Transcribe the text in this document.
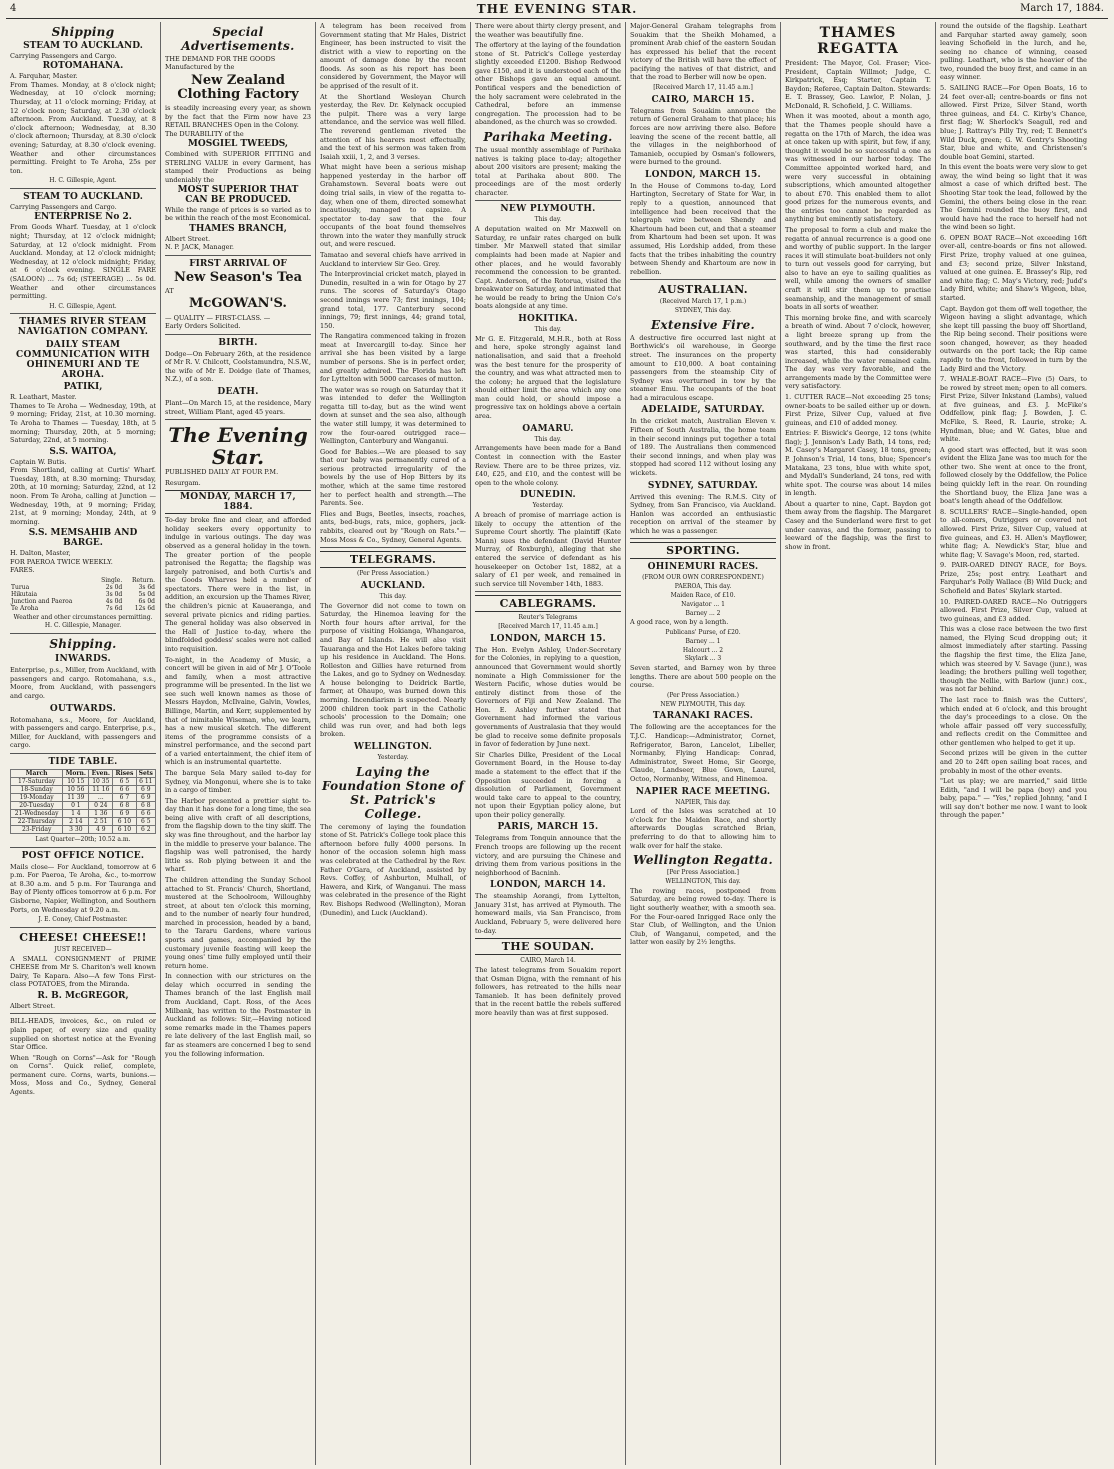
4	THE EVENING STAR.	March 17, 1884.
Shipping
STEAM TO AUCKLAND.

Carrying Passengers and Cargo.

ROTOMAHANA.

A. Farquhar, Master.

From Thames. Monday, at 8 o'clock night; Wednesday, at 10 o'clock morning; Thursday, at 11 o'clock morning; Friday, at 12 o'clock noon; Saturday, at 2.30 o'clock afternoon. From Auckland. Tuesday, at 8 o'clock afternoon; Wednesday, at 8.30 o'clock afternoon; Thursday, at 8.30 o'clock evening; Saturday, at 8.30 o'clock evening. Weather and other circumstances permitting. Freight to Te Aroha, 25s per ton.

H. C. Gillespie, Agent.

STEAM TO AUCKLAND.

Carrying Passengers and Cargo.

ENTERPRISE No 2.

From Goods Wharf. Tuesday, at 1 o'clock night; Thursday, at 12 o'clock midnight; Saturday, at 12 o'clock midnight. From Auckland. Monday, at 12 o'clock midnight; Wednesday, at 12 o'clock midnight; Friday, at 6 o'clock evening. SINGLE FARE (SALOON) ... 7s 6d; (STEERAGE) ... 5s 0d. Weather and other circumstances permitting.

H. C. Gillespie, Agent.

THAMES RIVER STEAM NAVIGATION COMPANY.
DAILY STEAM COMMUNICATION WITH OHINEMURI AND TE AROHA.
PATIKI,

R. Leathart, Master.

Thames to Te Aroha — Wednesday, 19th, at 9 morning; Friday, 21st, at 10.30 morning. Te Aroha to Thames — Tuesday, 18th, at 5 morning; Thursday, 20th, at 5 morning; Saturday, 22nd, at 5 morning.

S.S. WAITOA,

Captain W. Butis.

From Shortland, calling at Curtis' Wharf. Tuesday, 18th, at 8.30 morning; Thursday, 20th, at 10 morning; Saturday, 22nd, at 12 noon. From Te Aroha, calling at Junction — Wednesday, 19th, at 9 morning; Friday, 21st, at 9 morning; Monday, 24th, at 9 morning.

S.S. MEMSAHIB AND BARGE.

H. Dalton, Master,

FOR PAEROA TWICE WEEKLY.

FARES.

	Single.	Return.
Turua	2s 0d	3s 6d
Hikutaia	3s 0d	5s 0d
Junction and Paeroa	4s 0d	6s 0d
Te Aroha	7s 6d	12s 6d

Weather and other circumstances permitting.

H. C. Gillespie, Manager.

Shipping.
INWARDS.

Enterprise, p.s., Miller, from Auckland, with passengers and cargo. Rotomahana, s.s., Moore, from Auckland, with passengers and cargo.

OUTWARDS.

Rotomahana, s.s., Moore, for Auckland, with passengers and cargo. Enterprise, p.s., Miller, for Auckland, with passengers and cargo.

TIDE TABLE.
March	Morn.	Even.	Rises	Sets
17-Saturday	10 15	10 35	6 5	6 11
18-Sunday	10 56	11 16	6 6	6 9
19-Monday	11 39	...	6 7	6 9
20-Tuesday	0 1	0 24	6 8	6 8
21-Wednesday	1 4	1 36	6 9	6 6
22-Thursday	2 14	2 51	6 10	6 5
23-Friday	3 30	4 9	6 10	6 2

Last Quarter—20th; 10.52 a.m.

POST OFFICE NOTICE.

Mails close— For Auckland, tomorrow at 6 p.m. For Paeroa, Te Aroha, &c., to-morrow at 8.30 a.m. and 5 p.m. For Tauranga and Bay of Plenty offices tomorrow at 6 p.m. For Gisborne, Napier, Wellington, and Southern Ports, on Wednesday at 9.20 a.m.

J. E. Coney, Chief Postmaster.

CHEESE! CHEESE!!

JUST RECEIVED—

A SMALL CONSIGNMENT of PRIME CHEESE from Mr S. Chariton's well known Dairy, Te Kapara. Also—A few Tons First-class POTATOES, from the Miranda.

R. B. McGREGOR,

Albert Street.

BILL-HEADS, invoices, &c., on ruled or plain paper, of every size and quality supplied on shortest notice at the Evening Star Office.

When "Rough on Corns"—Ask for "Rough on Corns". Quick relief, complete, permanent cure. Corns, warts, bunions.—Moss, Moss and Co., Sydney, General Agents.

Special Advertisements.

THE DEMAND FOR THE GOODS

Manufactured by the

New Zealand Clothing Factory

is steadily increasing every year, as shown by the fact that the Firm now have 23 RETAIL BRANCHES Open in the Colony.

The DURABILITY of the

MOSGIEL TWEEDS,

Combined with SUPERIOR FITTING and STERLING VALUE in every Garment, has stamped their Productions as being undeniably the

MOST SUPERIOR THAT CAN BE PRODUCED.

While the range of prices is so varied as to be within the reach of the most Economical.

THAMES BRANCH,

Albert Street.

N. P. JACK, Manager.

FIRST ARRIVAL OF
New Season's Tea

AT

McGOWAN'S.

— QUALITY — FIRST-CLASS. —

Early Orders Solicited.

BIRTH.

Dodge—On February 26th, at the residence of Mr R. V. Chilcott, Coolstamundra, N.S.W., the wife of Mr E. Doidge (late of Thames, N.Z.), of a son.

DEATH.

Plant—On March 15, at the residence, Mary street, William Plant, aged 45 years.

The Evening Star.

PUBLISHED DAILY AT FOUR P.M.

Resurgam.

MONDAY, MARCH 17, 1884.

To-day broke fine and clear, and afforded holiday seekers every opportunity to indulge in various outings. The day was observed as a general holiday in the town. The greater portion of the people patronised the Regatta; the flagship was largely patronised, and both Curtis's and the Goods Wharves held a number of spectators. There were in the list, in addition, an excursion up the Thames River, the children's picnic at Kauaeranga, and several private picnics and riding parties. The general holiday was also observed in the Hall of Justice to-day, where the blindfolded goddess' scales were not called into requisition.

To-night, in the Academy of Music, a concert will be given in aid of Mr J. O'Toole and family, when a most attractive programme will be presented. In the list we see such well known names as those of Messrs Haydon, McIlvaine, Galvin, Vowles, Billinge, Martin, and Kerr, supplemented by that of inimitable Wiseman, who, we learn, has a new musical sketch. The different items of the programme consists of a minstrel performance, and the second part of a varied entertainment, the chief item of which is an instrumental quartette.

The barque Sela Mary sailed to-day for Sydney, via Mongonui, where she is to take in a cargo of timber.

The Harbor presented a prettier sight to-day than it has done for a long time, the sea being alive with craft of all descriptions, from the flagship down to the tiny skiff. The sky was fine throughout, and the harbor lay in the middle to preserve your balance. The flagship was well patronised, the hardy little ss. Rob plying between it and the wharf.

The children attending the Sunday School attached to St. Francis' Church, Shortland, mustered at the Schoolroom, Willoughby street, at about ten o'clock this morning, and to the number of nearly four hundred, marched in procession, headed by a band, to the Tararu Gardens, where various sports and games, accompanied by the customary juvenile feasting will keep the young ones' time fully employed until their return home.

In connection with our strictures on the delay which occurred in sending the Thames branch of the last English mail from Auckland, Capt. Ross, of the Aces Milbank, has written to the Postmaster in Auckland as follows: Sir,—Having noticed some remarks made in the Thames papers re late delivery of the last English mail, so far as steamers are concerned I beg to send you the following information.

A telegram has been received from Government stating that Mr Hales, District Engineer, has been instructed to visit the district with a view to reporting on the amount of damage done by the recent floods. As soon as his report has been considered by Government, the Mayor will be apprised of the result of it.

At the Shortland Wesleyan Church yesterday, the Rev. Dr. Kelynack occupied the pulpit. There was a very large attendance, and the service was well filled. The reverend gentleman riveted the attention of his hearers most effectually, and the text of his sermon was taken from Isaiah xxiii, 1, 2, and 3 verses.

What might have been a serious mishap happened yesterday in the harbor off Grahamstown. Several boats were out doing trial sails, in view of the regatta to-day, when one of them, directed somewhat incautiously, managed to capsize. A spectator to-day saw that the four occupants of the boat found themselves thrown into the water they manfully struck out, and were rescued.

Tamatao and several chiefs have arrived in Auckland to interview Sir Geo. Grey.

The Interprovincial cricket match, played in Dunedin, resulted in a win for Otago by 27 runs. The scores of Saturday's Otago second innings were 73; first innings, 104; grand total, 177. Canterbury second innings, 79; first innings, 44; grand total, 150.

The Rangatira commenced taking in frozen meat at Invercargill to-day. Since her arrival she has been visited by a large number of persons. She is in perfect order, and greatly admired. The Florida has left for Lyttelton with 5000 carcases of mutton.

The water was so rough on Saturday that it was intended to defer the Wellington regatta till to-day, but as the wind went down at sunset and the sea also, although the water still lumpy, it was determined to row the four-oared outrigged race—Wellington, Canterbury and Wanganui.

Good for Babies.—We are pleased to say that our baby was permanently cured of a serious protracted irregularity of the bowels by the use of Hop Bitters by its mother, which at the same time restored her to perfect health and strength.—The Parents. See.

Flies and Bugs, Beetles, insects, roaches, ants, bed-bugs, rats, mice, gophers, jack-rabbits, cleared out by "Rough on Rats."—Moss Moss & Co., Sydney, General Agents.

TELEGRAMS.

(Per Press Association.)

AUCKLAND.

This day.

The Governor did not come to town on Saturday, the Hinemoa leaving for the North four hours after arrival, for the purpose of visiting Hokianga, Whangaroa, and Bay of Islands. He will also visit Tauaranga and the Hot Lakes before taking up his residence in Auckland. The Hons. Rolleston and Gillies have returned from the Lakes, and go to Sydney on Wednesday. A house belonging to Deidrick Bartle, farmer, at Ohaupo, was burned down this morning. Incendiarism is suspected. Nearly 2000 children took part in the Catholic schools' procession to the Domain; one child was run over, and had both legs broken.

WELLINGTON.

Yesterday.

Laying the Foundation Stone of St. Patrick's College.

The ceremony of laying the foundation stone of St. Patrick's College took place this afternoon before fully 4000 persons. In honor of the occasion solemn high mass was celebrated at the Cathedral by the Rev. Father O'Gara, of Auckland, assisted by Revs. Coffey, of Ashburton, Mulhall, of Hawera, and Kirk, of Wanganui. The mass was celebrated in the presence of the Right Rev. Bishops Redwood (Wellington), Moran (Dunedin), and Luck (Auckland).

There were about thirty clergy present, and the weather was beautifully fine.

The offertory at the laying of the foundation stone of St. Patrick's College yesterday slightly exceeded £1200. Bishop Redwood gave £150, and it is understood each of the other Bishops gave an equal amount. Pontifical vespers and the benediction of the holy sacrament were celebrated in the Cathedral, before an immense congregation. The procession had to be abandoned, as the church was so crowded.

Parihaka Meeting.

The usual monthly assemblage of Parihaka natives is taking place to-day; altogether about 200 visitors are present; making the total at Parihaka about 800. The proceedings are of the most orderly character.

NEW PLYMOUTH.

This day.

A deputation waited on Mr Maxwell on Saturday, re unfair rates charged on bulk timber. Mr Maxwell stated that similar complaints had been made at Napier and other places, and he would favorably recommend the concession to be granted. Capt. Anderson, of the Rotorua, visited the breakwater on Saturday, and intimated that he would be ready to bring the Union Co's boats alongside at any time.

HOKITIKA.

This day.

Mr G. E. Fitzgerald, M.H.R., both at Ross and here, spoke strongly against land nationalisation, and said that a freehold was the best tenure for the prosperity of the country, and was what attracted men to the colony; he argued that the legislature should either limit the area which any one man could hold, or should impose a progressive tax on holdings above a certain area.

OAMARU.

This day.

Arrangements have been made for a Band Contest in connection with the Easter Review. There are to be three prizes, viz. £40, £25, and £10, and the contest will be open to the whole colony.

DUNEDIN.

Yesterday.

A breach of promise of marriage action is likely to occupy the attention of the Supreme Court shortly. The plaintiff (Kate Mann) sues the defendant (David Hunter Murray, of Roxburgh), alleging that she entered the service of defendant as his housekeeper on October 1st, 1882, at a salary of £1 per week, and remained in such service till November 14th, 1883.

CABLEGRAMS.

Reuter's Telegrams

[Received March 17, 11.45 a.m.]

LONDON, MARCH 15.

The Hon. Evelyn Ashley, Under-Secretary for the Colonies, in replying to a question, announced that Government would shortly nominate a High Commissioner for the Western Pacific, whose duties would be entirely distinct from those of the Governors of Fiji and New Zealand. The Hon. E. Ashley further stated that Government had informed the various governments of Australasia that they would be glad to receive some definite proposals in favor of federation by June next.

Sir Charles Dilke, President of the Local Government Board, in the House to-day made a statement to the effect that if the Opposition succeeded in forcing a dissolution of Parliament, Government would take care to appeal to the country, not upon their Egyptian policy alone, but upon their policy generally.

PARIS, MARCH 15.

Telegrams from Tonquin announce that the French troops are following up the recent victory, and are pursuing the Chinese and driving them from various positions in the neighborhood of Bacninh.

LONDON, MARCH 14.

The steamship Aorangi, from Lyttelton, January 31st, has arrived at Plymouth. The homeward mails, via San Francisco, from Auckland, February 5, were delivered here to-day.

THE SOUDAN.

CAIRO, March 14.

The latest telegrams from Souakim report that Osman Digna, with the remnant of his followers, has retreated to the hills near Tamanieb. It has been definitely proved that in the recent battle the rebels suffered more heavily than was at first supposed.

Major-General Graham telegraphs from Souakim that the Sheikh Mohamed, a prominent Arab chief of the eastern Soudan has expressed his belief that the recent victory of the British will have the effect of pacifying the natives of that district, and that the road to Berber will now be open.

[Received March 17, 11.45 a.m.]

CAIRO, MARCH 15.

Telegrams from Souakim announce the return of General Graham to that place; his forces are now arriving there also. Before leaving the scene of the recent battle, all the villages in the neighborhood of Tamanieb, occupied by Osman's followers, were burned to the ground.

LONDON, MARCH 15.

In the House of Commons to-day, Lord Hartington, Secretary of State for War, in reply to a question, announced that intelligence had been received that the telegraph wire between Shendy and Khartoum had been cut, and that a steamer from Khartoum had been set upon. It was assumed, His Lordship added, from these facts that the tribes inhabiting the country between Shendy and Khartoum are now in rebellion.

AUSTRALIAN.

(Received March 17, 1 p.m.)

SYDNEY, This day.

Extensive Fire.

A destructive fire occurred last night at Borthwick's oil warehouse, in George street. The insurances on the property amount to £10,000. A boat containing passengers from the steamship City of Sydney was overturned in tow by the steamer Emu. The occupants of the boat had a miraculous escape.

ADELAIDE, SATURDAY.

In the cricket match, Australian Eleven v. Fifteen of South Australia, the home team in their second innings put together a total of 189. The Australians then commenced their second innings, and when play was stopped had scored 112 without losing any wickets.

SYDNEY, SATURDAY.

Arrived this evening: The R.M.S. City of Sydney, from San Francisco, via Auckland. Hanlon was accorded an enthusiastic reception on arrival of the steamer by which he was a passenger.

SPORTING.
OHINEMURI RACES.

(FROM OUR OWN CORRESPONDENT.)

PAEROA, This day.

Maiden Race, of £10.

Navigator ... 1

Barney ... 2

A good race, won by a length.

Publicans' Purse, of £20.

Barney ... 1

Halcourt ... 2

Skylark ... 3

Seven started, and Barney won by three lengths. There are about 500 people on the course.

(Per Press Association.)

NEW PLYMOUTH, This day.

TARANAKI RACES.

The following are the acceptances for the T.J.C. Handicap:—Administrator, Cornet, Refrigerator, Baron, Lancelot, Libeller, Normanby, Flying Handicap: Conrad, Administrator, Sweet Home, Sir George, Claude, Landseer, Blue Gown, Laurel, Octoo, Normanby, Witness, and Hinemoa.

NAPIER RACE MEETING.

NAPIER, This day.

Lord of the Isles was scratched at 10 o'clock for the Maiden Race, and shortly afterwards Douglas scratched Brian, preferring to do that to allowing him to walk over for half the stake.

Wellington Regatta.

[Per Press Association.]

WELLINGTON, This day.

The rowing races, postponed from Saturday, are being rowed to-day. There is light southerly weather, with a smooth sea. For the Four-oared Inrigged Race only the Star Club, of Wellington, and the Union Club, of Wanganui, competed, and the latter won easily by 2½ lengths.

THAMES REGATTA

President: The Mayor, Col. Fraser; Vice-President, Captain Willmot; Judge, C. Kirkpatrick, Esq; Starter, Captain T. Baydon; Referee, Captain Dalton. Stewards: E. T. Brassey, Geo. Lawlor, P. Nolan, J. McDonald, R. Schofield, J. C. Williams.

When it was mooted, about a month ago, that the Thames people should have a regatta on the 17th of March, the idea was at once taken up with spirit, but few, if any, thought it would be so successful a one as was witnessed in our harbor today. The Committee appointed worked hard, and were very successful in obtaining subscriptions, which amounted altogether to about £70. This enabled them to allot good prizes for the numerous events, and the entries too cannot be regarded as anything but eminently satisfactory.

The proposal to form a club and make the regatta of annual recurrence is a good one and worthy of public support. In the larger races it will stimulate boat-builders not only to turn out vessels good for carrying, but also to have an eye to sailing qualities as well, while among the owners of smaller craft it will stir them up to practise seamanship, and the management of small boats in all sorts of weather.

This morning broke fine, and with scarcely a breath of wind. About 7 o'clock, however, a light breeze sprang up from the southward, and by the time the first race was started, this had considerably increased, while the water remained calm. The day was very favorable, and the arrangements made by the Committee were very satisfactory.

1. CUTTER RACE—Not exceeding 25 tons; owner-boats to be sailed either up or down. First Prize, Silver Cup, valued at five guineas, and £10 of added money.

Entries: F. Biswick's George, 12 tons (white flag); J. Jennison's Lady Bath, 14 tons, red; M. Casey's Margaret Casey, 18 tons, green; P. Johnson's Trial, 14 tons, blue; Spencer's Matakana, 23 tons, blue with white spot, and Mydall's Sunderland, 24 tons, red with white spot. The course was about 14 miles in length.

About a quarter to nine, Capt. Baydon got them away from the flagship. The Margaret Casey and the Sunderland were first to get under canvas, and the former, passing to leeward of the flagship, was the first to show in front.

round the outside of the flagship. Leathart and Farquhar started away gamely, soon leaving Schofield in the lurch, and he, seeing no chance of winning, ceased pulling. Leathart, who is the heavier of the two, rounded the buoy first, and came in an easy winner.

5. SAILING RACE—For Open Boats, 16 to 24 feet over-all; centre-boards or fins not allowed. First Prize, Silver Stand, worth three guineas, and £4. C. Kirby's Chance, first flag; W. Sherlock's Seagull, red and blue; J. Rattray's Pilly Try, red; T. Bennett's Wild Duck, green; G. W. Gentry's Shooting Star, blue and white, and Christensen's double boat Gemini, started.

In this event the boats were very slow to get away, the wind being so light that it was almost a case of which drifted best. The Shooting Star took the lead, followed by the Gemini, the others being close in the rear. The Gemini rounded the buoy first, and would have had the race to herself had not the wind been so light.

6. OPEN BOAT RACE—Not exceeding 16ft over-all, centre-boards or fins not allowed. First Prize, trophy valued at one guinea, and £3; second prize, Silver Inkstand, valued at one guinea. E. Brassey's Rip, red and white flag; C. May's Victory, red; Judd's Lady Bird, white; and Shaw's Wigeon, blue, started.

Capt. Baydon got them off well together, the Wigeon having a slight advantage, which she kept till passing the buoy off Shortland, the Rip being second. Their positions were soon changed, however, as they headed outwards on the port tack; the Rip came rapidly to the front, followed in turn by the Lady Bird and the Victory.

7. WHALE-BOAT RACE—Five (5) Oars, to be rowed by street men; open to all comers. First Prize, Silver Inkstand (Lambs), valued at five guineas, and £3. J. McFike's Oddfellow, pink flag; J. Bowden, J. C. McFike, S. Reed, R. Laurie, stroke; A. Hyndman, blue; and W. Gates, blue and white.

A good start was effected, but it was soon evident the Eliza Jane was too much for the other two. She went at once to the front, followed closely by the Oddfellow, the Police being quickly left in the rear. On rounding the Shortland buoy, the Eliza Jane was a boat's length ahead of the Oddfellow.

8. SCULLERS' RACE—Single-handed, open to all-comers, Outriggers or covered not allowed. First Prize, Silver Cup, valued at five guineas, and £3. H. Allen's Mayflower, white flag; A. Newdick's Star, blue and white flag; V. Savage's Moon, red, started.

9. PAIR-OARED DINGY RACE, for Boys. Prize, 25s; post entry. Leathart and Farquhar's Polly Wallace (B) Wild Duck; and Schofield and Bates' Skylark started.

10. PAIRED-OARED RACE—No Outriggers allowed. First Prize, Silver Cup, valued at two guineas, and £3 added.

This was a close race between the two first named, the Flying Scud dropping out; it almost immediately after starting. Passing the flagship the first time, the Eliza Jane, which was steered by V. Savage (junr.), was leading; the brothers pulling well together, though the Nellie, with Barlow (junr.) cox., was not far behind.

The last race to finish was the Cutters', which ended at 6 o'clock, and this brought the day's proceedings to a close. On the whole affair passed off very successfully, and reflects credit on the Committee and other gentlemen who helped to get it up.

Second prizes will be given in the cutter and 20 to 24ft open sailing boat races, and probably in most of the other events.

"Let us play; we are married," said little Edith, "and I will be papa (boy) and you baby, papa." — "Yes," replied Johnny, "and I will say don't bother me now. I want to look through the paper."
